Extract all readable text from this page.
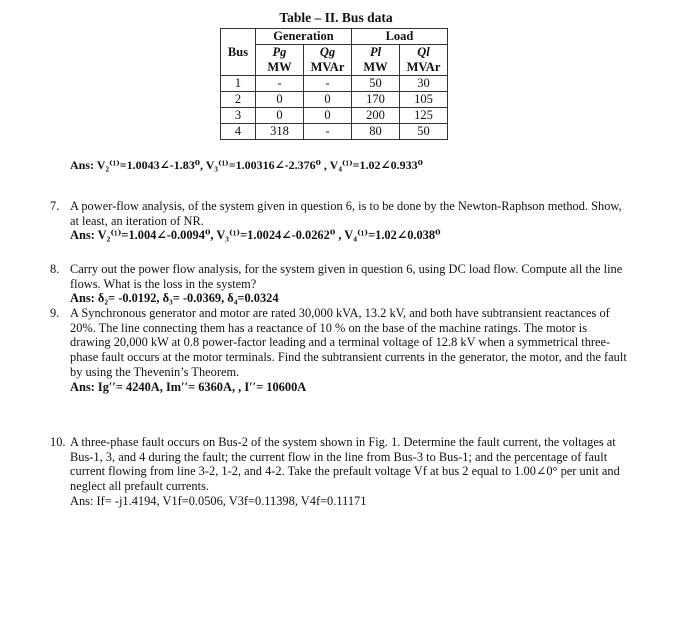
Table – II. Bus data
	Generation		Load	
Bus	Pg	Qg	Pl	Ql
	MW	MVAr	MW	MVAr
1	-	-	50	30
2	0	0	170	105
3	0	0	200	125
4	318	-	80	50
Ans: V₂⁽¹⁾=1.0043∠-1.83⁰, V₃⁽¹⁾=1.00316∠-2.376⁰ , V₄⁽¹⁾=1.02∠0.933⁰
7. A power-flow analysis, of the system given in question 6, is to be done by the Newton-Raphson method. Show, at least, an iteration of NR.
Ans: V₂⁽¹⁾=1.004∠-0.0094⁰, V₃⁽¹⁾=1.0024∠-0.0262⁰ , V₄⁽¹⁾=1.02∠0.038⁰
8. Carry out the power flow analysis, for the system given in question 6, using DC load flow. Compute all the line flows. What is the loss in the system?
Ans: δ₂= -0.0192, δ₃= -0.0369, δ₄=0.0324
9. A Synchronous generator and motor are rated 30,000 kVA, 13.2 kV, and both have subtransient reactances of 20%. The line connecting them has a reactance of 10 % on the base of the machine ratings. The motor is drawing 20,000 kW at 0.8 power-factor leading and a terminal voltage of 12.8 kV when a symmetrical three-phase fault occurs at the motor terminals. Find the subtransient currents in the generator, the motor, and the fault by using the Thevenin’s Theorem.
Ans: Ig′′= 4240A, Im′′= 6360A, , I′′= 10600A
10. A three-phase fault occurs on Bus-2 of the system shown in Fig. 1. Determine the fault current, the voltages at Bus-1, 3, and 4 during the fault; the current flow in the line from Bus-3 to Bus-1; and the percentage of fault current flowing from line 3-2, 1-2, and 4-2. Take the prefault voltage Vf at bus 2 equal to 1.00∠0° per unit and neglect all prefault currents.
Ans: If= -j1.4194, V1f=0.0506, V3f=0.11398, V4f=0.11171
